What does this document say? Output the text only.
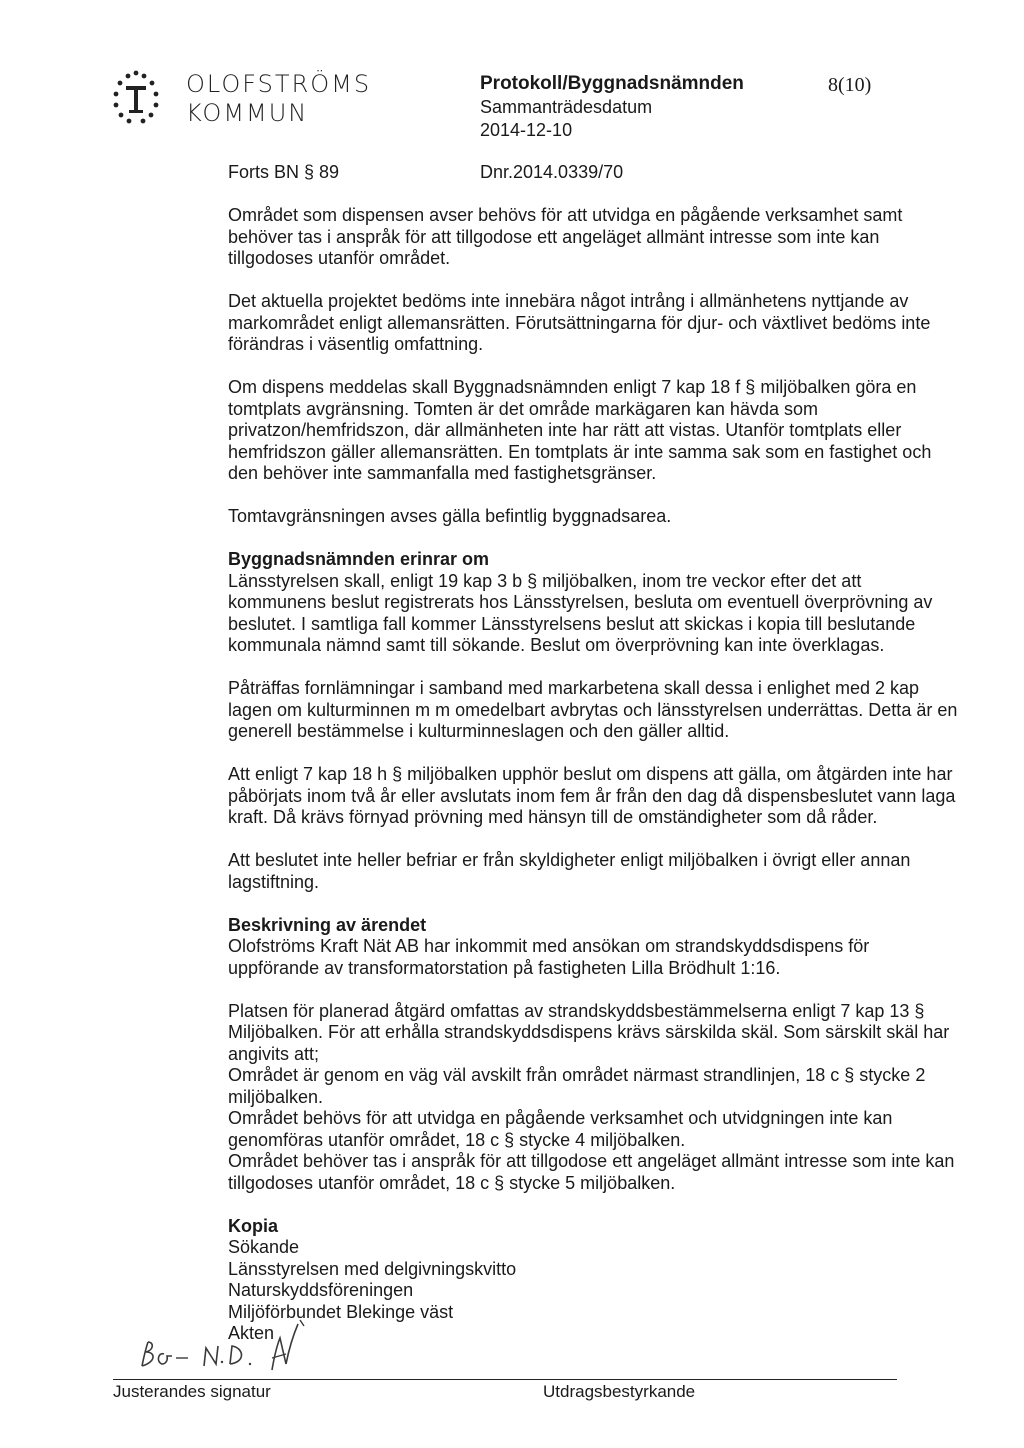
OLOFSTRÖMS
KOMMUN
Protokoll/Byggnadsnämnden
Sammanträdesdatum
2014-12-10
8(10)
Forts BN § 89	Dnr.2014.0339/70

Området som dispensen avser behövs för att utvidga en pågående verksamhet samt behöver tas i anspråk för att tillgodose ett angeläget allmänt intresse som inte kan tillgodoses utanför området.

Det aktuella projektet bedöms inte innebära något intrång i allmänhetens nyttjande av markområdet enligt allemansrätten. Förutsättningarna för djur- och växtlivet bedöms inte förändras i väsentlig omfattning.

Om dispens meddelas skall Byggnadsnämnden enligt 7 kap 18 f § miljöbalken göra en tomtplats avgränsning. Tomten är det område markägaren kan hävda som privatzon/hemfridszon, där allmänheten inte har rätt att vistas. Utanför tomtplats eller hemfridszon gäller allemansrätten. En tomtplats är inte samma sak som en fastighet och den behöver inte sammanfalla med fastighetsgränser.

Tomtavgränsningen avses gälla befintlig byggnadsarea.

Byggnadsnämnden erinrar om

Länsstyrelsen skall, enligt 19 kap 3 b § miljöbalken, inom tre veckor efter det att kommunens beslut registrerats hos Länsstyrelsen, besluta om eventuell överprövning av beslutet. I samtliga fall kommer Länsstyrelsens beslut att skickas i kopia till beslutande kommunala nämnd samt till sökande. Beslut om överprövning kan inte överklagas.

Påträffas fornlämningar i samband med markarbetena skall dessa i enlighet med 2 kap lagen om kulturminnen m m omedelbart avbrytas och länsstyrelsen underrättas. Detta är en generell bestämmelse i kulturminneslagen och den gäller alltid.

Att enligt 7 kap 18 h § miljöbalken upphör beslut om dispens att gälla, om åtgärden inte har påbörjats inom två år eller avslutats inom fem år från den dag då dispensbeslutet vann laga kraft. Då krävs förnyad prövning med hänsyn till de omständigheter som då råder.

Att beslutet inte heller befriar er från skyldigheter enligt miljöbalken i övrigt eller annan lagstiftning.

Beskrivning av ärendet

Olofströms Kraft Nät AB har inkommit med ansökan om strandskyddsdispens för uppförande av transformatorstation på fastigheten Lilla Brödhult 1:16.

Platsen för planerad åtgärd omfattas av strandskyddsbestämmelserna enligt 7 kap 13 § Miljöbalken. För att erhålla strandskyddsdispens krävs särskilda skäl. Som särskilt skäl har angivits att;
Området är genom en väg väl avskilt från området närmast strandlinjen, 18 c § stycke 2 miljöbalken.
Området behövs för att utvidga en pågående verksamhet och utvidgningen inte kan genomföras utanför området, 18 c § stycke 4 miljöbalken.

Området behöver tas i anspråk för att tillgodose ett angeläget allmänt intresse som inte kan tillgodoses utanför området, 18 c § stycke 5 miljöbalken.

Kopia
Sökande
Länsstyrelsen med delgivningskvitto
Naturskyddsföreningen
Miljöförbundet Blekinge väst
Akten
Justerandes signatur	Utdragsbestyrkande
